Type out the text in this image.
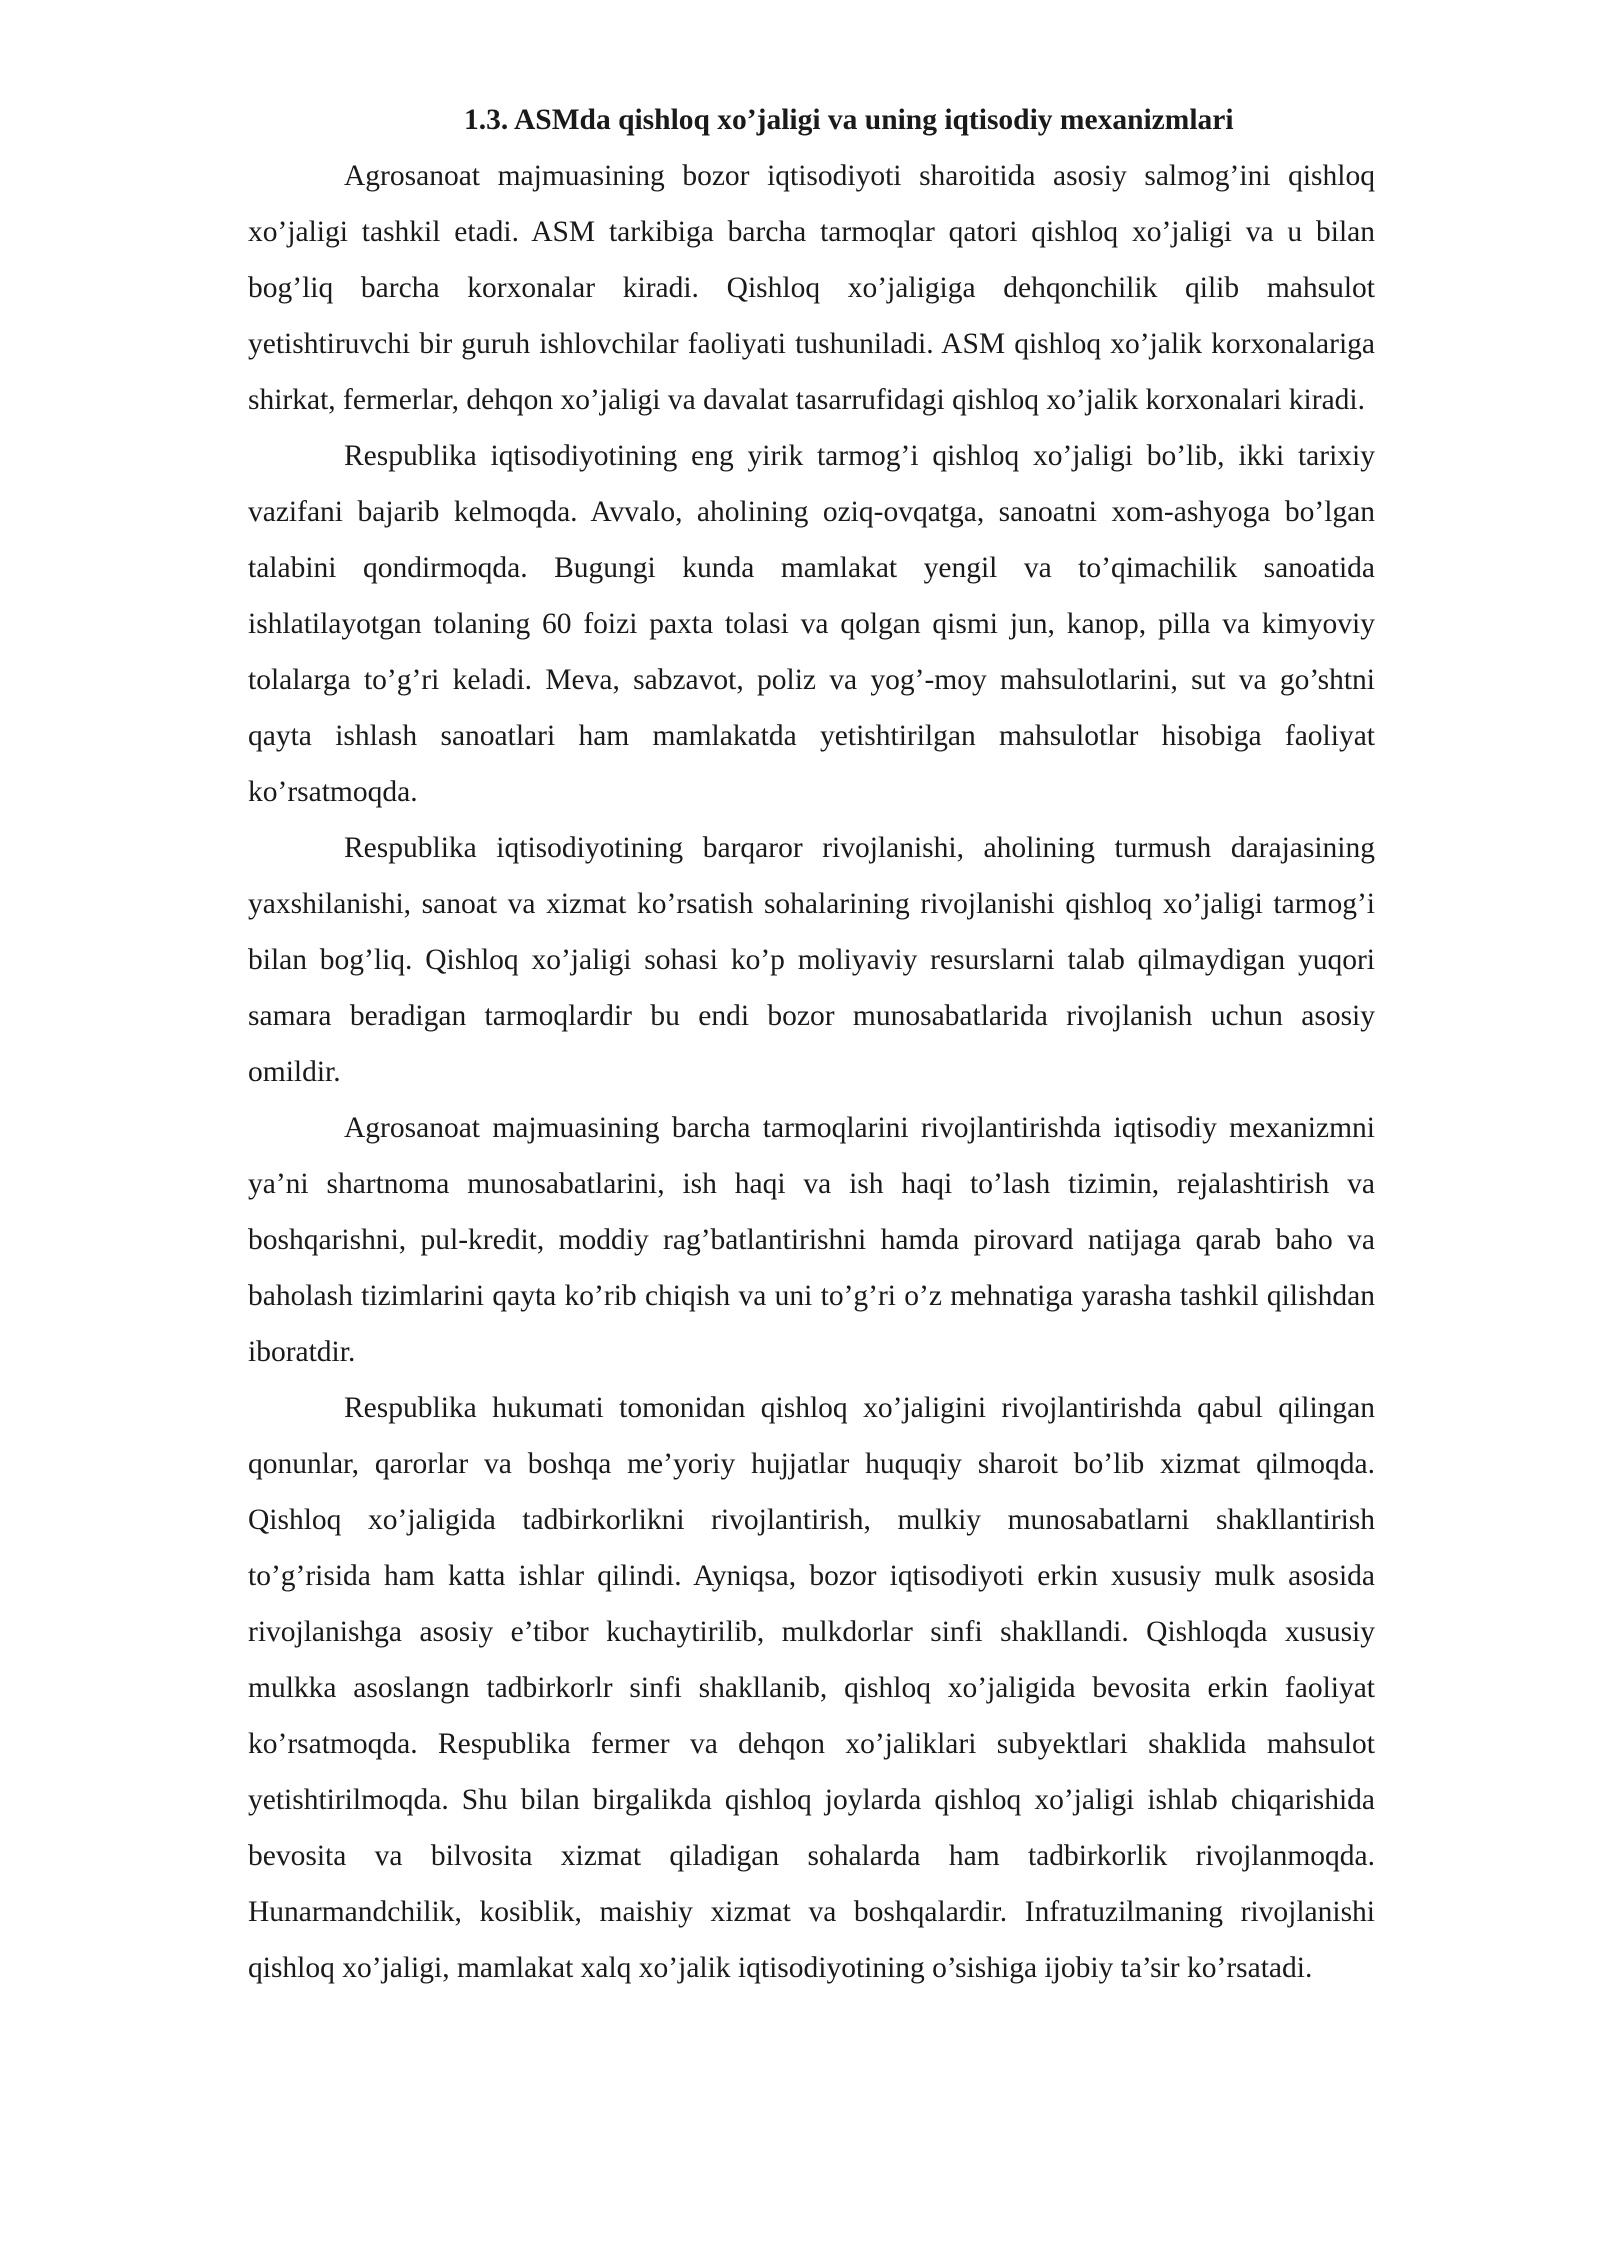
1.3. ASMda qishloq xo’jaligi va uning iqtisodiy mexanizmlari

Agrosanoat majmuasining bozor iqtisodiyoti sharoitida asosiy salmog’ini qishloq xo’jaligi tashkil etadi. ASM tarkibiga barcha tarmoqlar qatori qishloq xo’jaligi va u bilan bog’liq barcha korxonalar kiradi. Qishloq xo’jaligiga dehqonchilik qilib mahsulot yetishtiruvchi bir guruh ishlovchilar faoliyati tushuniladi. ASM qishloq xo’jalik korxonalariga shirkat, fermerlar, dehqon xo’jaligi va davalat tasarrufidagi qishloq xo’jalik korxonalari kiradi.

Respublika iqtisodiyotining eng yirik tarmog’i qishloq xo’jaligi bo’lib, ikki tarixiy vazifani bajarib kelmoqda. Avvalo, aholining oziq-ovqatga, sanoatni xom-ashyoga bo’lgan talabini qondirmoqda. Bugungi kunda mamlakat yengil va to’qimachilik sanoatida ishlatilayotgan tolaning 60 foizi paxta tolasi va qolgan qismi jun, kanop, pilla va kimyoviy tolalarga to’g’ri keladi. Meva, sabzavot, poliz va yog’-moy mahsulotlarini, sut va go’shtni qayta ishlash sanoatlari ham mamlakatda yetishtirilgan mahsulotlar hisobiga faoliyat ko’rsatmoqda.

Respublika iqtisodiyotining barqaror rivojlanishi, aholining turmush darajasining yaxshilanishi, sanoat va xizmat ko’rsatish sohalarining rivojlanishi qishloq xo’jaligi tarmog’i bilan bog’liq. Qishloq xo’jaligi sohasi ko’p moliyaviy resurslarni talab qilmaydigan yuqori samara beradigan tarmoqlardir bu endi bozor munosabatlarida rivojlanish uchun asosiy omildir.

Agrosanoat majmuasining barcha tarmoqlarini rivojlantirishda iqtisodiy mexanizmni ya’ni shartnoma munosabatlarini, ish haqi va ish haqi to’lash tizimin, rejalashtirish va boshqarishni, pul-kredit, moddiy rag’batlantirishni hamda pirovard natijaga qarab baho va baholash tizimlarini qayta ko’rib chiqish va uni to’g’ri o’z mehnatiga yarasha tashkil qilishdan iboratdir.

Respublika hukumati tomonidan qishloq xo’jaligini rivojlantirishda qabul qilingan qonunlar, qarorlar va boshqa me’yoriy hujjatlar huquqiy sharoit bo’lib xizmat qilmoqda. Qishloq xo’jaligida tadbirkorlikni rivojlantirish, mulkiy munosabatlarni shakllantirish to’g’risida ham katta ishlar qilindi. Ayniqsa, bozor iqtisodiyoti erkin xususiy mulk asosida rivojlanishga asosiy e’tibor kuchaytirilib, mulkdorlar sinfi shakllandi. Qishloqda xususiy mulkka asoslangn tadbirkorlr sinfi shakllanib, qishloq xo’jaligida bevosita erkin faoliyat ko’rsatmoqda. Respublika fermer va dehqon xo’jaliklari subyektlari shaklida mahsulot yetishtirilmoqda. Shu bilan birgalikda qishloq joylarda qishloq xo’jaligi ishlab chiqarishida bevosita va bilvosita xizmat qiladigan sohalarda ham tadbirkorlik rivojlanmoqda. Hunarmandchilik, kosiblik, maishiy xizmat va boshqalardir. Infratuzilmaning rivojlanishi qishloq xo’jaligi, mamlakat xalq xo’jalik iqtisodiyotining o’sishiga ijobiy ta’sir ko’rsatadi.
